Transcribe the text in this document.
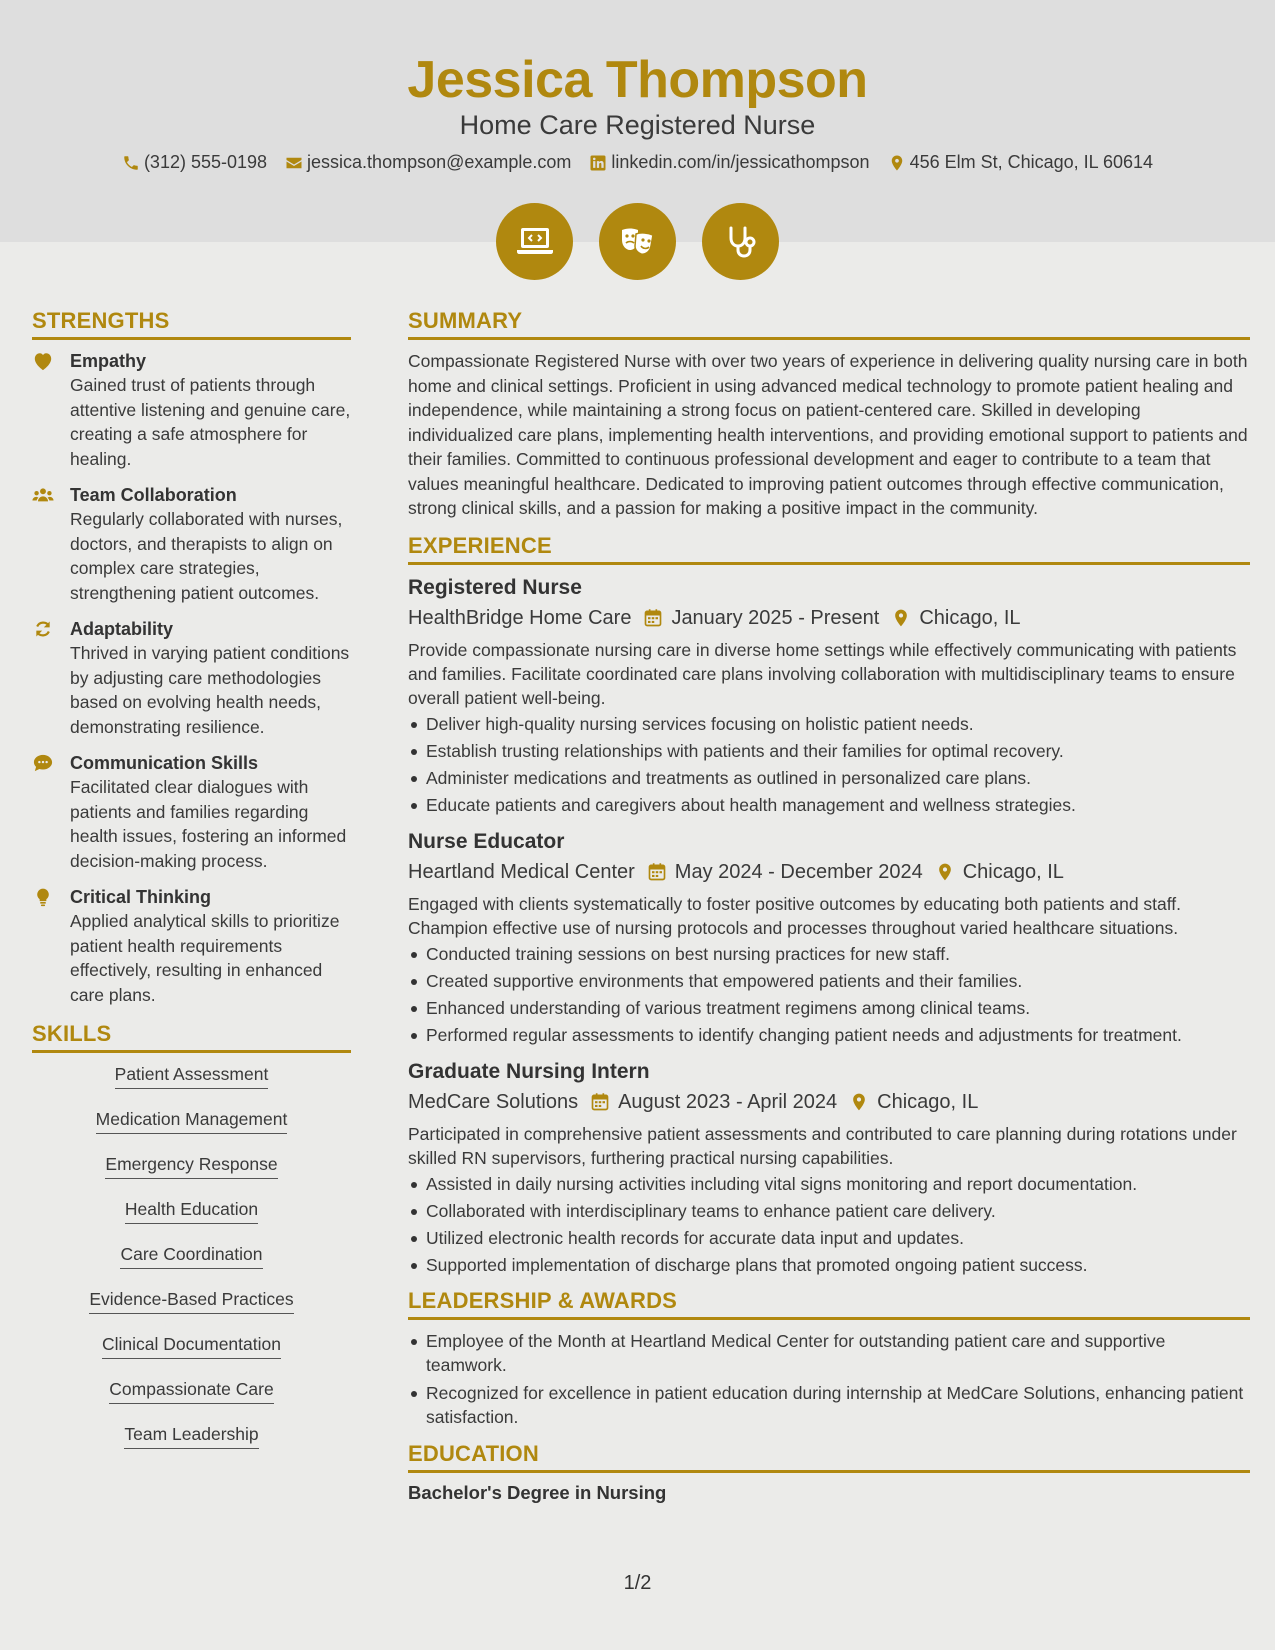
Jessica Thompson
Home Care Registered Nurse
(312) 555-0198 jessica.thompson@example.com linkedin.com/in/jessicathompson 456 Elm St, Chicago, IL 60614
STRENGTHS
Empathy
Gained trust of patients through attentive listening and genuine care, creating a safe atmosphere for healing.
Team Collaboration
Regularly collaborated with nurses, doctors, and therapists to align on complex care strategies, strengthening patient outcomes.
Adaptability
Thrived in varying patient conditions by adjusting care methodologies based on evolving health needs, demonstrating resilience.
Communication Skills
Facilitated clear dialogues with patients and families regarding health issues, fostering an informed decision-making process.
Critical Thinking
Applied analytical skills to prioritize patient health requirements effectively, resulting in enhanced care plans.
SKILLS
Patient Assessment
Medication Management
Emergency Response
Health Education
Care Coordination
Evidence-Based Practices
Clinical Documentation
Compassionate Care
Team Leadership
SUMMARY
Compassionate Registered Nurse with over two years of experience in delivering quality nursing care in both home and clinical settings. Proficient in using advanced medical technology to promote patient healing and independence, while maintaining a strong focus on patient-centered care. Skilled in developing individualized care plans, implementing health interventions, and providing emotional support to patients and their families. Committed to continuous professional development and eager to contribute to a team that values meaningful healthcare. Dedicated to improving patient outcomes through effective communication, strong clinical skills, and a passion for making a positive impact in the community.
EXPERIENCE
Registered Nurse
HealthBridge Home Care January 2025 - Present Chicago, IL
Provide compassionate nursing care in diverse home settings while effectively communicating with patients and families. Facilitate coordinated care plans involving collaboration with multidisciplinary teams to ensure overall patient well-being.
Deliver high-quality nursing services focusing on holistic patient needs.
Establish trusting relationships with patients and their families for optimal recovery.
Administer medications and treatments as outlined in personalized care plans.
Educate patients and caregivers about health management and wellness strategies.
Nurse Educator
Heartland Medical Center May 2024 - December 2024 Chicago, IL
Engaged with clients systematically to foster positive outcomes by educating both patients and staff. Champion effective use of nursing protocols and processes throughout varied healthcare situations.
Conducted training sessions on best nursing practices for new staff.
Created supportive environments that empowered patients and their families.
Enhanced understanding of various treatment regimens among clinical teams.
Performed regular assessments to identify changing patient needs and adjustments for treatment.
Graduate Nursing Intern
MedCare Solutions August 2023 - April 2024 Chicago, IL
Participated in comprehensive patient assessments and contributed to care planning during rotations under skilled RN supervisors, furthering practical nursing capabilities.
Assisted in daily nursing activities including vital signs monitoring and report documentation.
Collaborated with interdisciplinary teams to enhance patient care delivery.
Utilized electronic health records for accurate data input and updates.
Supported implementation of discharge plans that promoted ongoing patient success.
LEADERSHIP & AWARDS
Employee of the Month at Heartland Medical Center for outstanding patient care and supportive teamwork.
Recognized for excellence in patient education during internship at MedCare Solutions, enhancing patient satisfaction.
EDUCATION
Bachelor's Degree in Nursing
1/2
